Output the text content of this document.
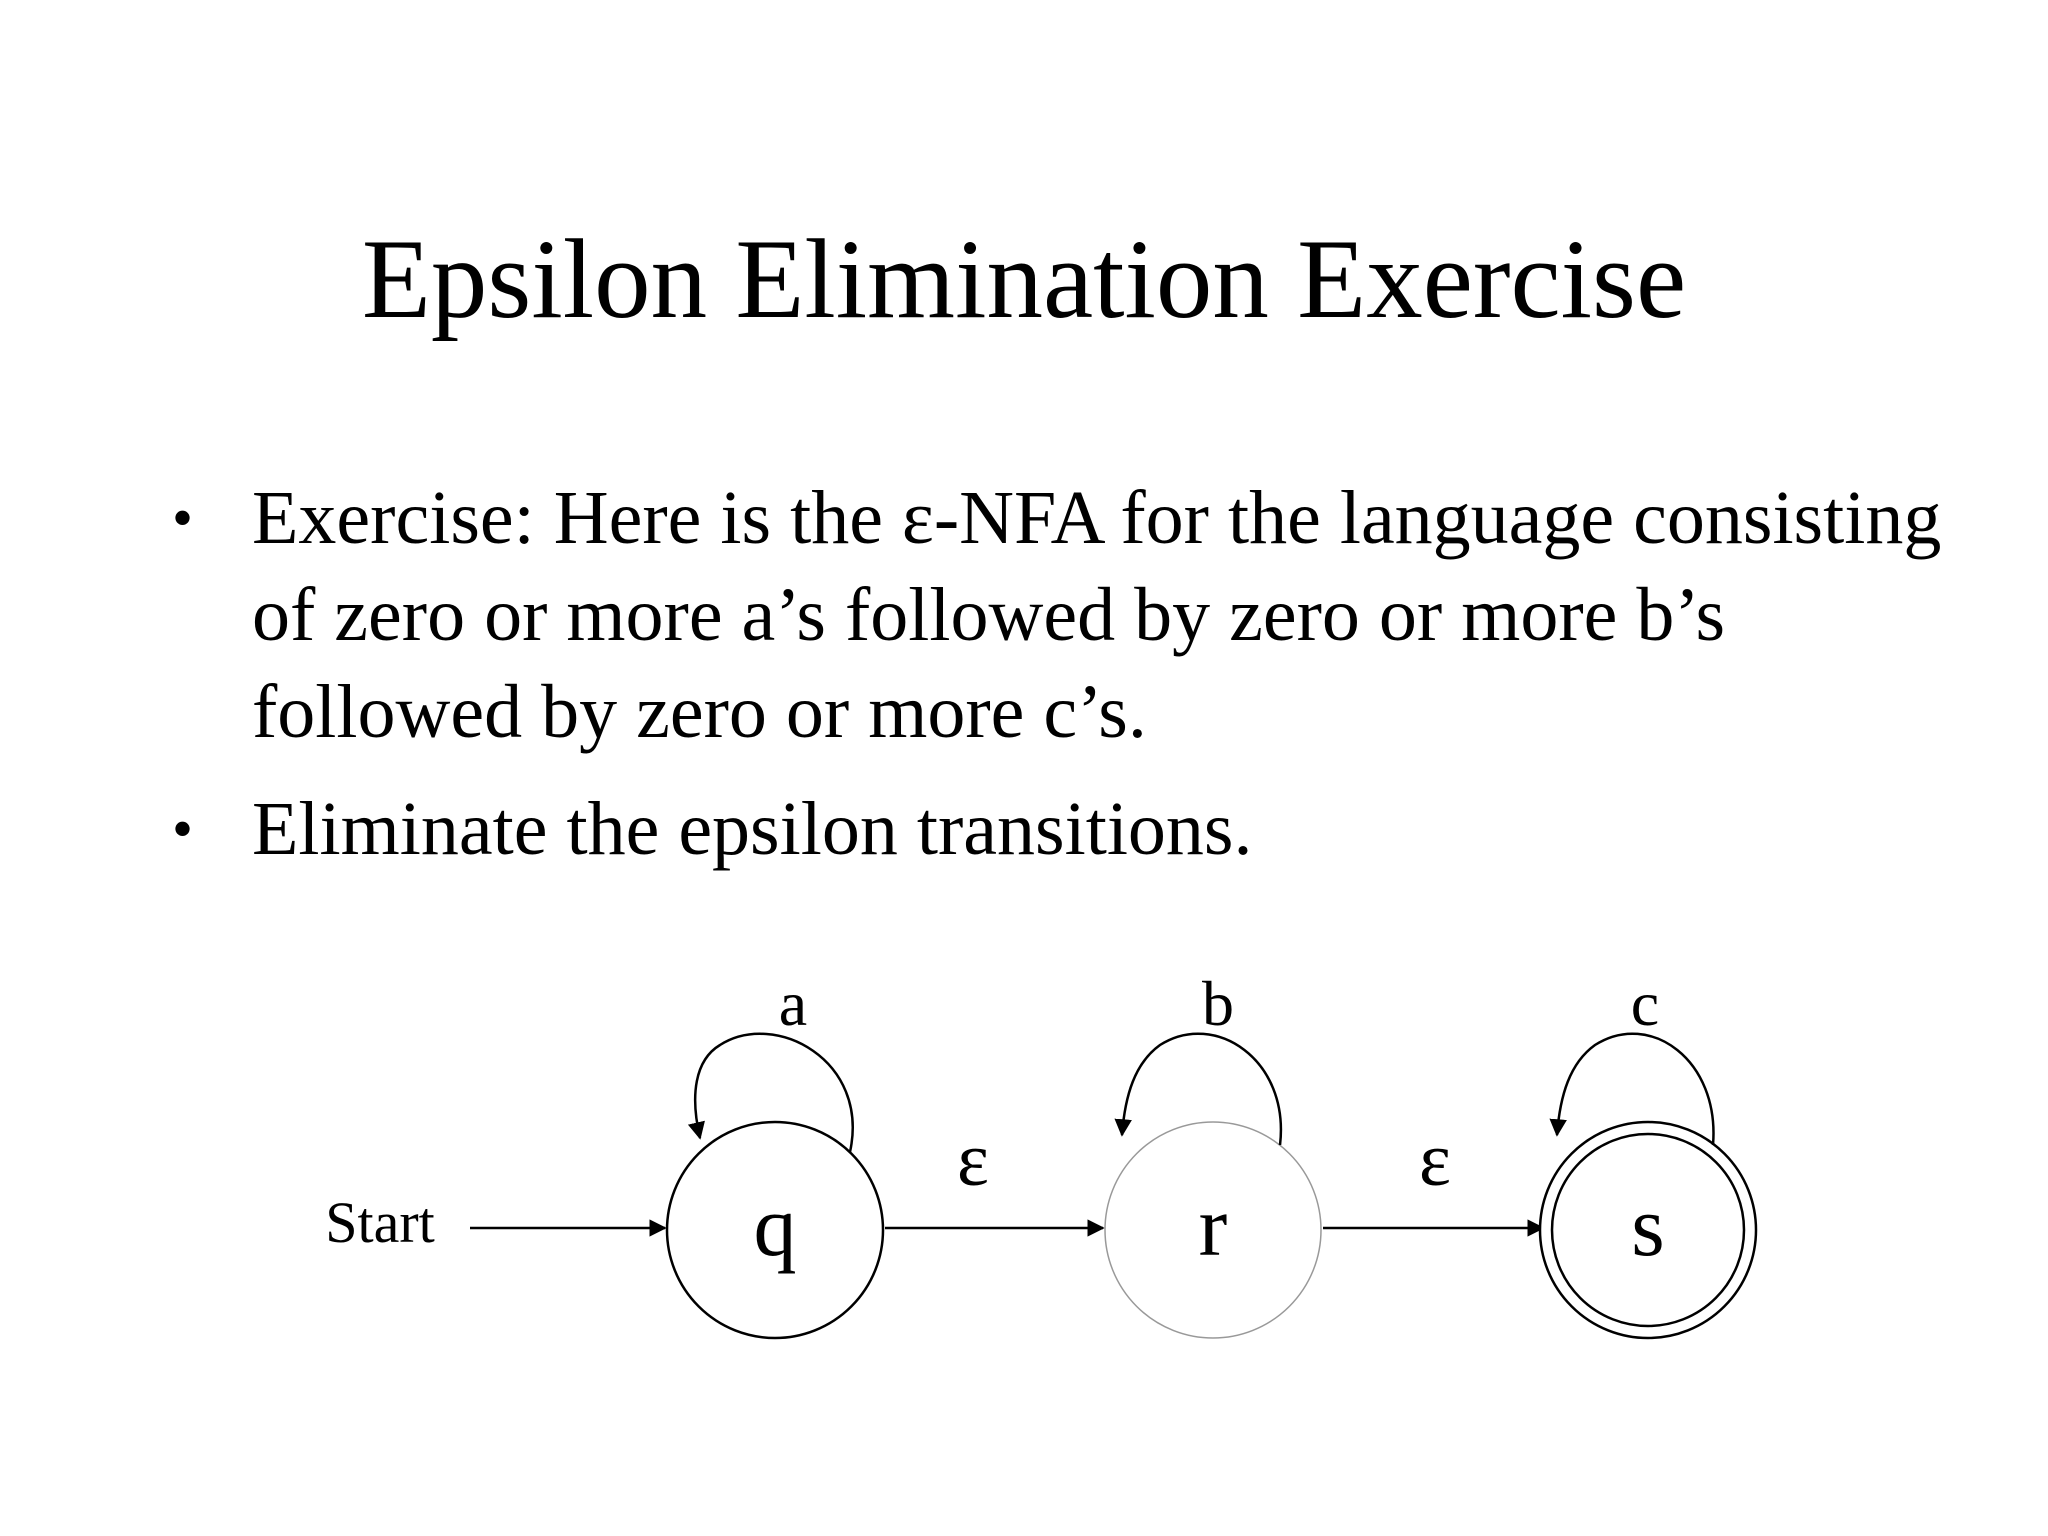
Epsilon Elimination Exercise
• Exercise: Here is the ε-NFA for the language consisting of zero or more a’s followed by zero or more b’s followed by zero or more c’s.
• Eliminate the epsilon transitions.
Start	q
a
ε
r
b
ε
s
c
